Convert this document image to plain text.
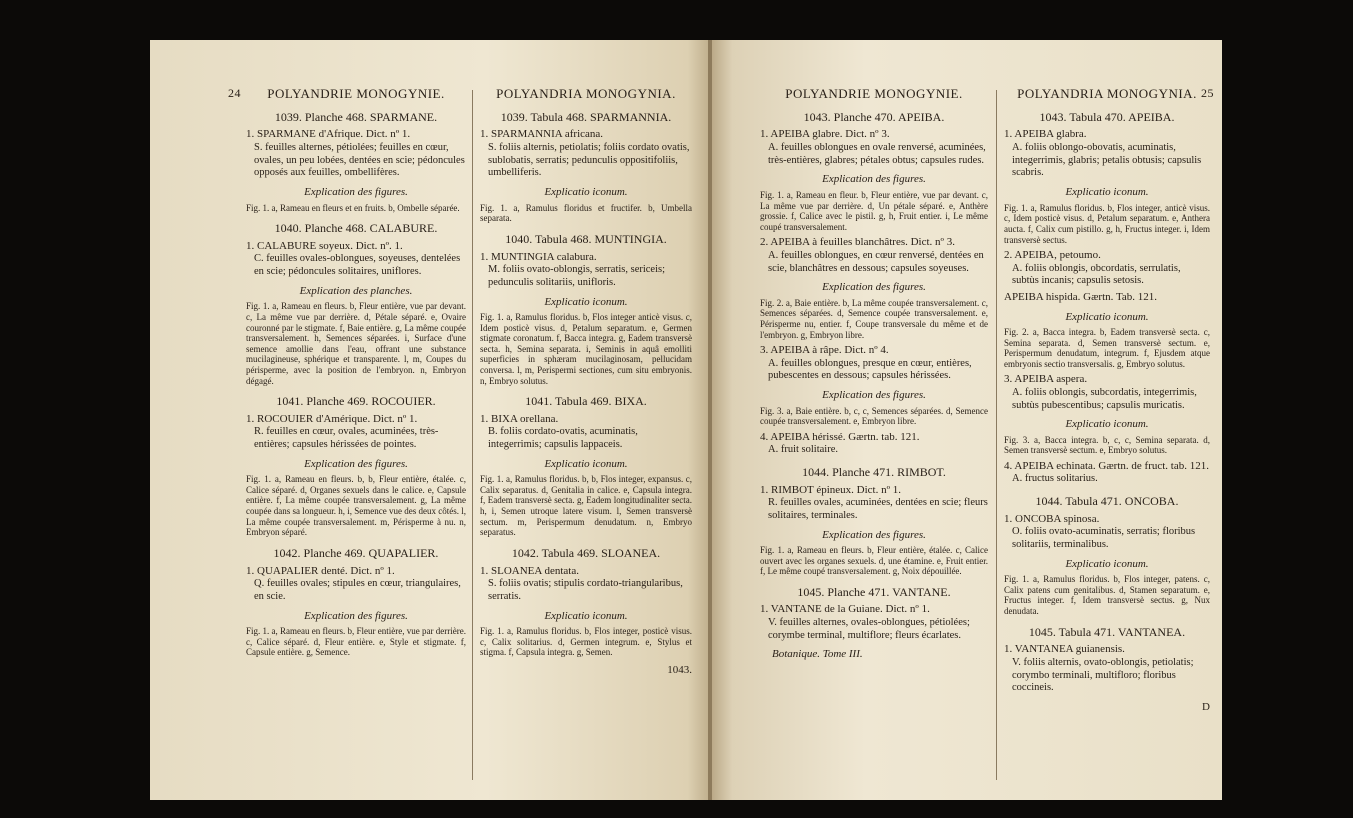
24 POLYANDRIE MONOGYNIE.
1039. Planche 468. SPARMANE.
1. SPARMANE d'Afrique. Dict. nº 1.
S. feuilles alternes, pétiolées; feuilles en cœur, ovales, un peu lobées, dentées en scie; pédoncules opposés aux feuilles, ombellifères.
Explication des figures.
Fig. 1. a, Rameau en fleurs et en fruits. b, Ombelle séparée.
1040. Planche 468. CALABURE.
1. CALABURE soyeux. Dict. nº. 1.
C. feuilles ovales-oblongues, soyeuses, dentelées en scie; pédoncules solitaires, uniflores.
Explication des planches.
Fig. 1. a, Rameau en fleurs. b, Fleur entière, vue par devant. c, La même vue par derrière. d, Pétale séparé. e, Ovaire couronné par le stigmate. f, Baie entière. g, La même coupée transversalement. h, Semences séparées. i, Surface d'une semence amollie dans l'eau, offrant une substance mucilagineuse, sphérique et transparente. l, m, Coupes du périsperme, avec la position de l'embryon. n, Embryon dégagé.
1041. Planche 469. ROCOUIER.
1. ROCOUIER d'Amérique. Dict. nº 1.
R. feuilles en cœur, ovales, acuminées, très-entières; capsules hérissées de pointes.
Explication des figures.
Fig. 1. a, Rameau en fleurs. b, b, Fleur entière, étalée. c, Calice séparé. d, Organes sexuels dans le calice. e, Capsule entière. f, La même coupée transversalement. g, La même coupée dans sa longueur. h, i, Semence vue des deux côtés. l, La même coupée transversalement. m, Périsperme à nu. n, Embryon séparé.
1042. Planche 469. QUAPALIER.
1. QUAPALIER denté. Dict. nº 1.
Q. feuilles ovales; stipules en cœur, triangulaires, en scie.
Explication des figures.
Fig. 1. a, Rameau en fleurs. b, Fleur entière, vue par derrière. c, Calice séparé. d, Fleur entière. e, Style et stigmate. f, Capsule entière. g, Semence.
POLYANDRIA MONOGYNIA.
1039. Tabula 468. SPARMANNIA.
1. SPARMANNIA africana.
S. foliis alternis, petiolatis; foliis cordato ovatis, sublobatis, serratis; pedunculis oppositifoliis, umbelliferis.
Explicatio iconum.
Fig. 1. a, Ramulus floridus et fructifer. b, Umbella separata.
1040. Tabula 468. MUNTINGIA.
1. MUNTINGIA calabura.
M. foliis ovato-oblongis, serratis, sericeis; pedunculis solitariis, unifloris.
Explicatio iconum.
Fig. 1. a, Ramulus floridus. b, Flos integer anticè visus. c, Idem posticè visus. d, Petalum separatum. e, Germen stigmate coronatum. f, Bacca integra. g, Eadem transversè secta. h, Semina separata. i, Seminis in aquâ emolliti superficies in sphæram mucilaginosam, pellucidam conversa. l, m, Perispermi sectiones, cum situ embryonis. n, Embryo solutus.
1041. Tabula 469. BIXA.
1. BIXA orellana.
B. foliis cordato-ovatis, acuminatis, integerrimis; capsulis lappaceis.
Explicatio iconum.
Fig. 1. a, Ramulus floridus. b, b, Flos integer, expansus. c, Calix separatus. d, Genitalia in calice. e, Capsula integra. f, Eadem transversè secta. g, Eadem longitudinaliter secta. h, i, Semen utroque latere visum. l, Semen transversè sectum. m, Perispermum denudatum. n, Embryo separatus.
1042. Tabula 469. SLOANEA.
1. SLOANEA dentata.
S. foliis ovatis; stipulis cordato-triangularibus, serratis.
Explicatio iconum.
Fig. 1. a, Ramulus floridus. b, Flos integer, posticè visus. c, Calix solitarius. d, Germen integrum. e, Stylus et stigma. f, Capsula integra. g, Semen.
1043.
POLYANDRIE MONOGYNIE.
1043. Planche 470. APEIBA.
1. APEIBA glabre. Dict. nº 3.
A. feuilles oblongues en ovale renversé, acuminées, très-entières, glabres; pétales obtus; capsules rudes.
Explication des figures.
Fig. 1. a, Rameau en fleur. b, Fleur entière, vue par devant. c, La même vue par derrière. d, Un pétale séparé. e, Anthère grossie. f, Calice avec le pistil. g, h, Fruit entier. i, Le même coupé transversalement.
2. APEIBA à feuilles blanchâtres. Dict. nº 3.
A. feuilles oblongues, en cœur renversé, dentées en scie, blanchâtres en dessous; capsules soyeuses.
Explication des figures.
Fig. 2. a, Baie entière. b, La même coupée transversalement. c, Semences séparées. d, Semence coupée transversalement. e, Périsperme nu, entier. f, Coupe transversale du même et de l'embryon. g, Embryon libre.
3. APEIBA à râpe. Dict. nº 4.
A. feuilles oblongues, presque en cœur, entières, pubescentes en dessous; capsules hérissées.
Explication des figures.
Fig. 3. a, Baie entière. b, c, c, Semences séparées. d, Semence coupée transversalement. e, Embryon libre.
4. APEIBA hérissé. Gærtn. tab. 121.
A. fruit solitaire.
1044. Planche 471. RIMBOT.
1. RIMBOT épineux. Dict. nº 1.
R. feuilles ovales, acuminées, dentées en scie; fleurs solitaires, terminales.
Explication des figures.
Fig. 1. a, Rameau en fleurs. b, Fleur entière, étalée. c, Calice ouvert avec les organes sexuels. d, une étamine. e, Fruit entier. f, Le même coupé transversalement. g, Noix dépouillée.
1045. Planche 471. VANTANE.
1. VANTANE de la Guiane. Dict. nº 1.
V. feuilles alternes, ovales-oblongues, pétiolées; corymbe terminal, multiflore; fleurs écarlates.
Botanique. Tome III.
POLYANDRIA MONOGYNIA. 25
1043. Tabula 470. APEIBA.
1. APEIBA glabra.
A. foliis oblongo-obovatis, acuminatis, integerrimis, glabris; petalis obtusis; capsulis scabris.
Explicatio iconum.
Fig. 1. a, Ramulus floridus. b, Flos integer, anticè visus. c, Idem posticè visus. d, Petalum separatum. e, Anthera aucta. f, Calix cum pistillo. g, h, Fructus integer. i, Idem transversè sectus.
2. APEIBA, petoumo.
A. foliis oblongis, obcordatis, serrulatis, subtùs incanis; capsulis setosis.
APEIBA hispida. Gærtn. Tab. 121.
Explicatio iconum.
Fig. 2. a, Bacca integra. b, Eadem transversè secta. c, Semina separata. d, Semen transversè sectum. e, Perispermum denudatum, integrum. f, Ejusdem atque embryonis sectio transversalis. g, Embryo solutus.
3. APEIBA aspera.
A. foliis oblongis, subcordatis, integerrimis, subtùs pubescentibus; capsulis muricatis.
Explicatio iconum.
Fig. 3. a, Bacca integra. b, c, c, Semina separata. d, Semen transversè sectum. e, Embryo solutus.
4. APEIBA echinata. Gærtn. de fruct. tab. 121.
A. fructus solitarius.
1044. Tabula 471. ONCOBA.
1. ONCOBA spinosa.
O. foliis ovato-acuminatis, serratis; floribus solitariis, terminalibus.
Explicatio iconum.
Fig. 1. a, Ramulus floridus. b, Flos integer, patens. c, Calix patens cum genitalibus. d, Stamen separatum. e, Fructus integer. f, Idem transversè sectus. g, Nux denudata.
1045. Tabula 471. VANTANEA.
1. VANTANEA guianensis.
V. foliis alternis, ovato-oblongis, petiolatis; corymbo terminali, multifloro; floribus coccineis.
D
